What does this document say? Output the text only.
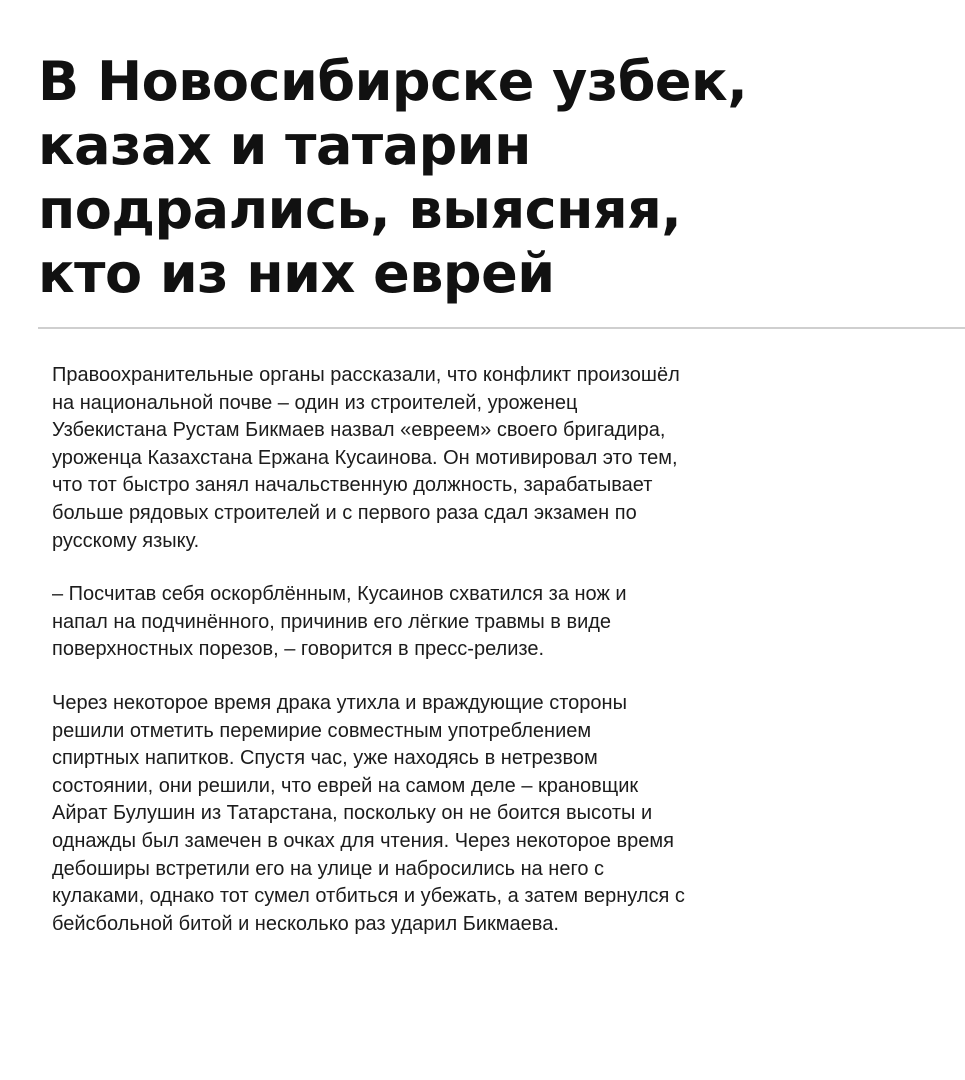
В Новосибирске узбек,
казах и татарин
подрались, выясняя,
кто из них еврей

Правоохранительные органы рассказали, что конфликт произошёл
на национальной почве – один из строителей, уроженец
Узбекистана Рустам Бикмаев назвал «евреем» своего бригадира,
уроженца Казахстана Ержана Кусаинова. Он мотивировал это тем,
что тот быстро занял начальственную должность, зарабатывает
больше рядовых строителей и с первого раза сдал экзамен по
русскому языку.

– Посчитав себя оскорблённым, Кусаинов схватился за нож и
напал на подчинённого, причинив его лёгкие травмы в виде
поверхностных порезов, – говорится в пресс-релизе.

Через некоторое время драка утихла и враждующие стороны
решили отметить перемирие совместным употреблением
спиртных напитков. Спустя час, уже находясь в нетрезвом
состоянии, они решили, что еврей на самом деле – крановщик
Айрат Булушин из Татарстана, поскольку он не боится высоты и
однажды был замечен в очках для чтения. Через некоторое время
дебоширы встретили его на улице и набросились на него с
кулаками, однако тот сумел отбиться и убежать, а затем вернулся с
бейсбольной битой и несколько раз ударил Бикмаева.
